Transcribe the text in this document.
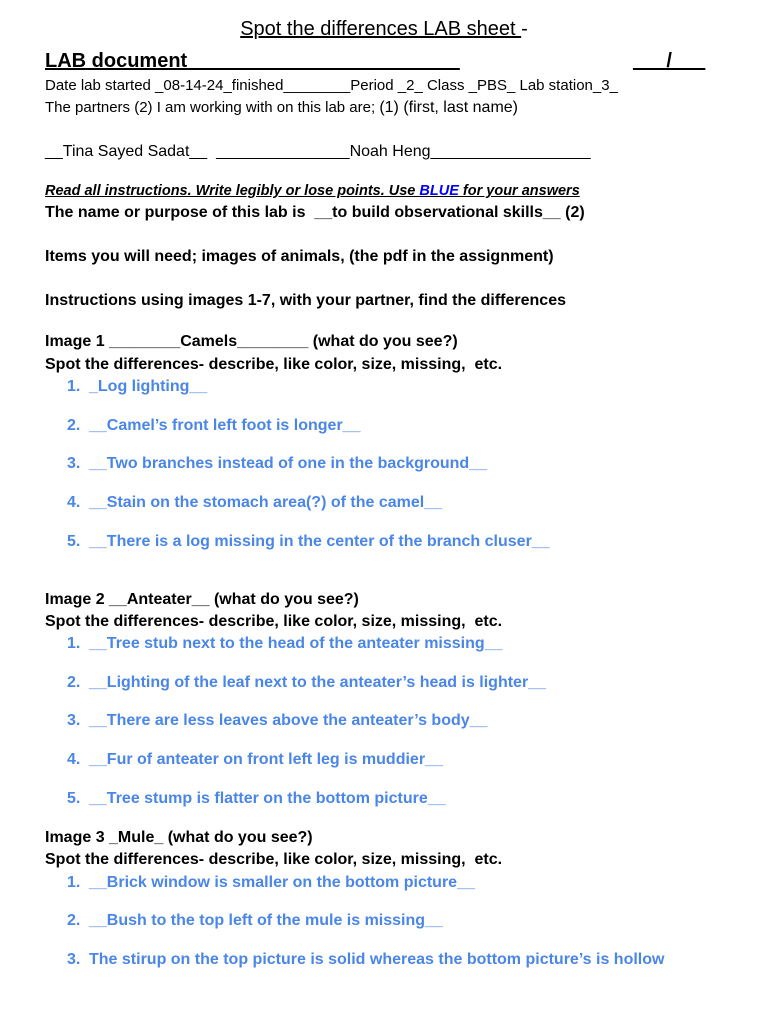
Spot the differences LAB sheet -
LAB document ________________________	___/___
Date lab started _08-14-24_finished________Period _2_ Class _PBS_ Lab station_3_
The partners (2) I am working with on this lab are; (1) (first, last name)
__Tina Sayed Sadat__  _______________Noah Heng__________________
Read all instructions. Write legibly or lose points. Use BLUE for your answers
The name or purpose of this lab is  __to build observational skills__ (2)
Items you will need; images of animals, (the pdf in the assignment)
Instructions using images 1-7, with your partner, find the differences
Image 1 ________Camels________ (what do you see?)
Spot the differences- describe, like color, size, missing,  etc.
1. _Log lighting__
2. __Camel’s front left foot is longer__
3. __Two branches instead of one in the background__
4. __Stain on the stomach area(?) of the camel__
5. __There is a log missing in the center of the branch cluser__
Image 2 __Anteater__ (what do you see?)
Spot the differences- describe, like color, size, missing,  etc.
1. __Tree stub next to the head of the anteater missing__
2. __Lighting of the leaf next to the anteater’s head is lighter__
3. __There are less leaves above the anteater’s body__
4. __Fur of anteater on front left leg is muddier__
5. __Tree stump is flatter on the bottom picture__
Image 3 _Mule_ (what do you see?)
Spot the differences- describe, like color, size, missing,  etc.
1. __Brick window is smaller on the bottom picture__
2. __Bush to the top left of the mule is missing__
3. The stirup on the top picture is solid whereas the bottom picture’s is hollow
